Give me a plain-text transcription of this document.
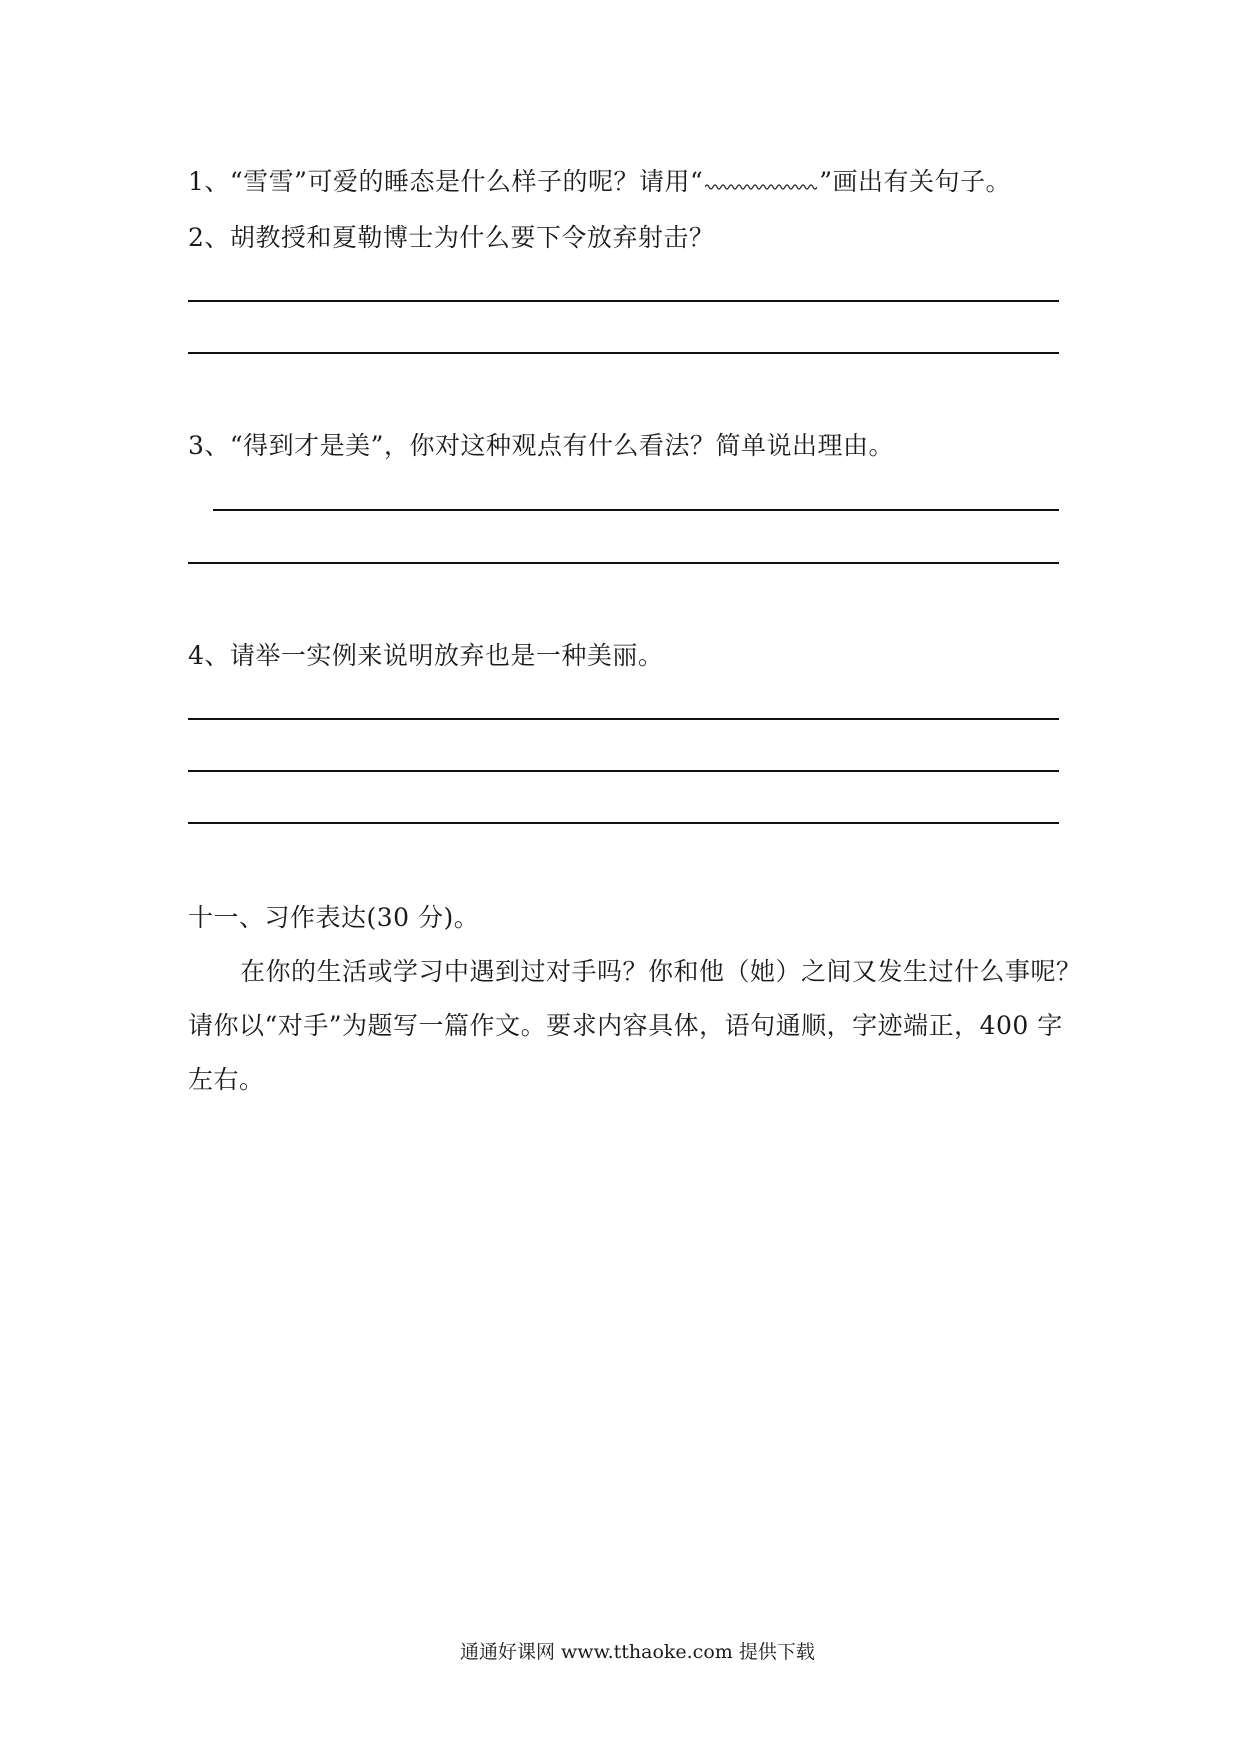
1、“雪雪”可爱的睡态是什么样子的呢？请用“	”画出有关句子。
2、胡教授和夏勒博士为什么要下令放弃射击？
3、“得到才是美”，你对这种观点有什么看法？简单说出理由。
4、请举一实例来说明放弃也是一种美丽。
十一、习作表达(30 分)。
在你的生活或学习中遇到过对手吗？你和他（她）之间又发生过什么事呢？
请你以“对手”为题写一篇作文。要求内容具体，语句通顺，字迹端正，400 字
左右。
通通好课网 www.tthaoke.com 提供下载
